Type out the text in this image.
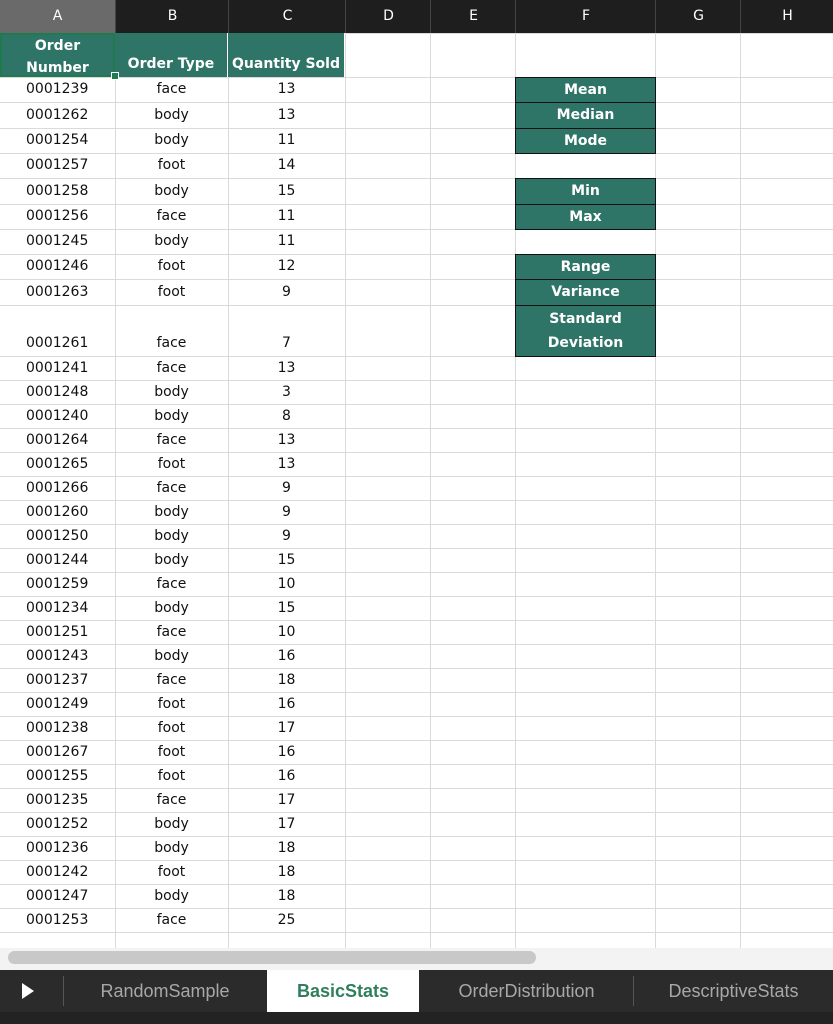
A	B	C	D	E	F	G	H
Order Number	Order Type	Quantity Sold
0001239	face	13
0001262	body	13
0001254	body	11
0001257	foot	14
0001258	body	15
0001256	face	11
0001245	body	11
0001246	foot	12
0001263	foot	9
0001261	face	7
0001241	face	13
0001248	body	3
0001240	body	8
0001264	face	13
0001265	foot	13
0001266	face	9
0001260	body	9
0001250	body	9
0001244	body	15
0001259	face	10
0001234	body	15
0001251	face	10
0001243	body	16
0001237	face	18
0001249	foot	16
0001238	foot	17
0001267	foot	16
0001255	foot	16
0001235	face	17
0001252	body	17
0001236	body	18
0001242	foot	18
0001247	body	18
0001253	face	25
Mean
Median
Mode
Min
Max
Range
Variance
Standard Deviation
RandomSample	BasicStats	OrderDistribution	DescriptiveStats
